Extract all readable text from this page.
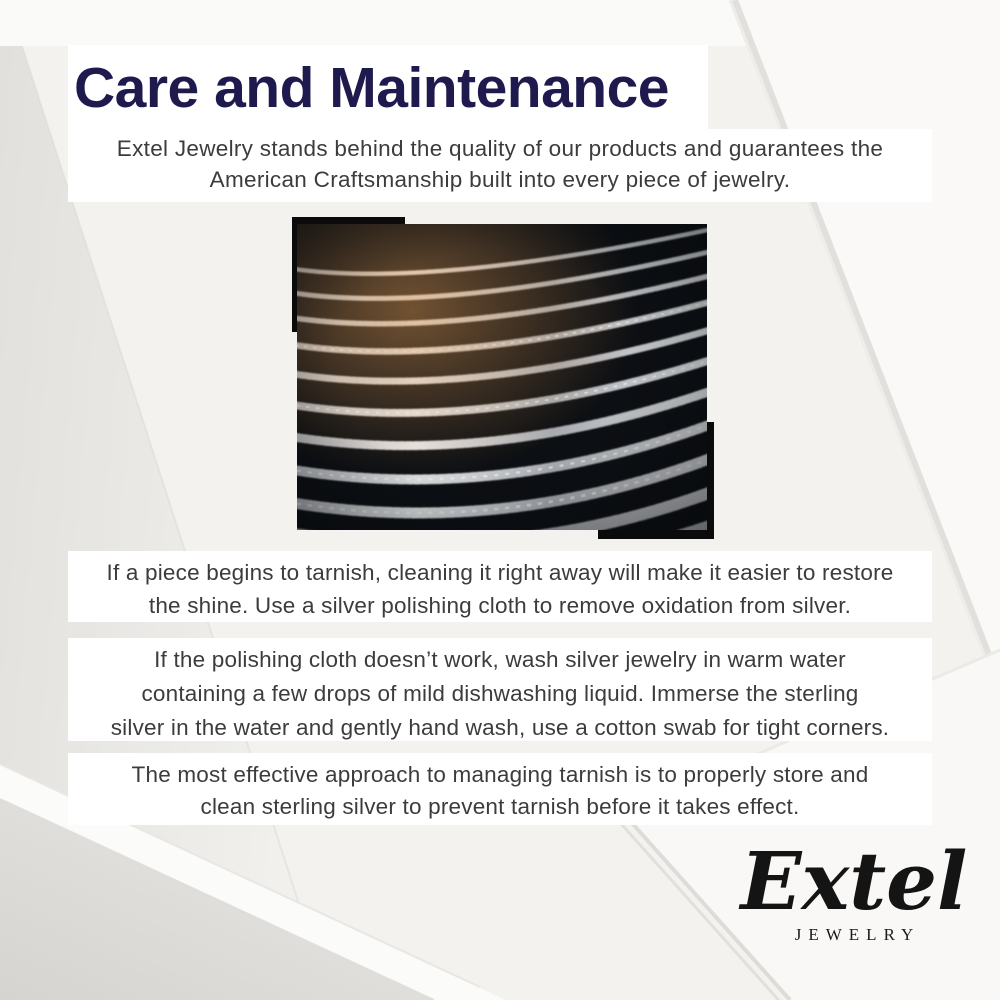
Care and Maintenance
Extel Jewelry stands behind the quality of our products and guarantees the
American Craftsmanship built into every piece of jewelry.
If a piece begins to tarnish, cleaning it right away will make it easier to restore
the shine. Use a silver polishing cloth to remove oxidation from silver.
If the polishing cloth doesn’t work, wash silver jewelry in warm water
containing a few drops of mild dishwashing liquid. Immerse the sterling
silver in the water and gently hand wash, use a cotton swab for tight corners.
The most effective approach to managing tarnish is to properly store and
clean sterling silver to prevent tarnish before it takes effect.
Extel
JEWELRY
